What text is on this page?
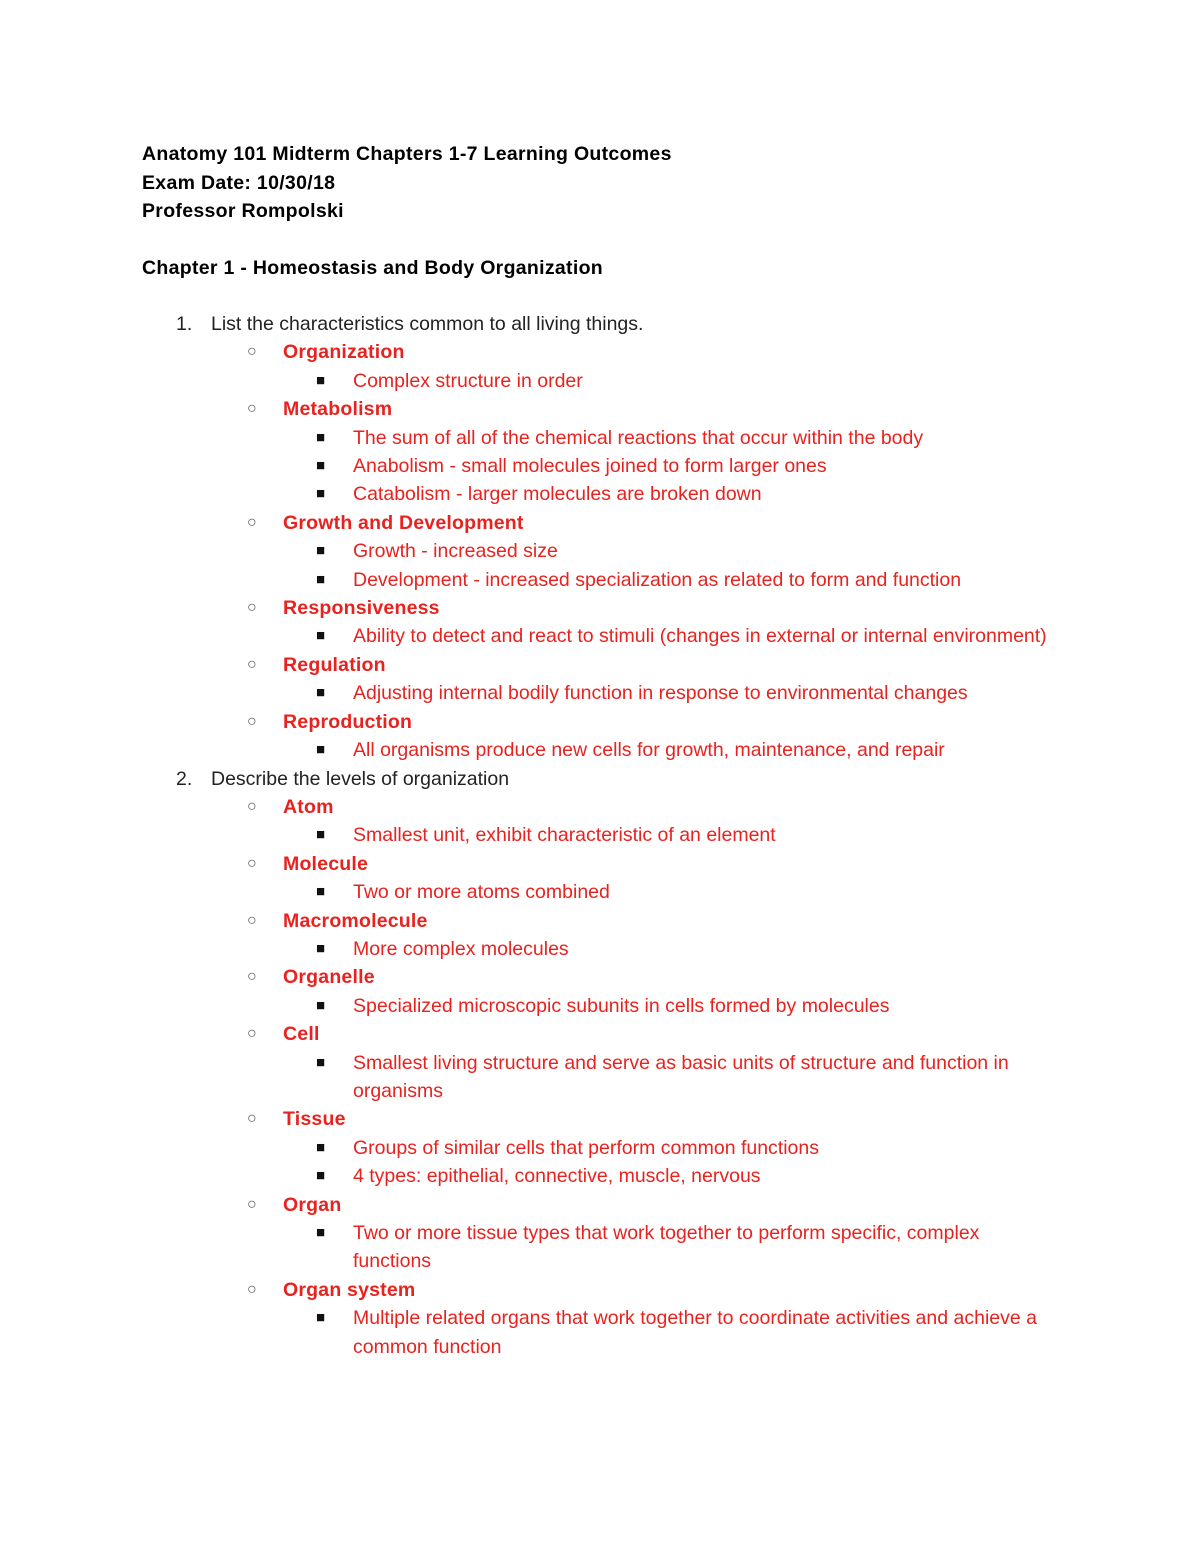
Anatomy 101 Midterm Chapters 1-7 Learning Outcomes
Exam Date: 10/30/18
Professor Rompolski
Chapter 1 - Homeostasis and Body Organization
1. List the characteristics common to all living things.
○ Organization
■ Complex structure in order
○ Metabolism
■ The sum of all of the chemical reactions that occur within the body
■ Anabolism - small molecules joined to form larger ones
■ Catabolism - larger molecules are broken down
○ Growth and Development
■ Growth - increased size
■ Development - increased specialization as related to form and function
○ Responsiveness
■ Ability to detect and react to stimuli (changes in external or internal environment)
○ Regulation
■ Adjusting internal bodily function in response to environmental changes
○ Reproduction
■ All organisms produce new cells for growth, maintenance, and repair
2. Describe the levels of organization
○ Atom
■ Smallest unit, exhibit characteristic of an element
○ Molecule
■ Two or more atoms combined
○ Macromolecule
■ More complex molecules
○ Organelle
■ Specialized microscopic subunits in cells formed by molecules
○ Cell
■ Smallest living structure and serve as basic units of structure and function in organisms
○ Tissue
■ Groups of similar cells that perform common functions
■ 4 types: epithelial, connective, muscle, nervous
○ Organ
■ Two or more tissue types that work together to perform specific, complex functions
○ Organ system
■ Multiple related organs that work together to coordinate activities and achieve a common function
